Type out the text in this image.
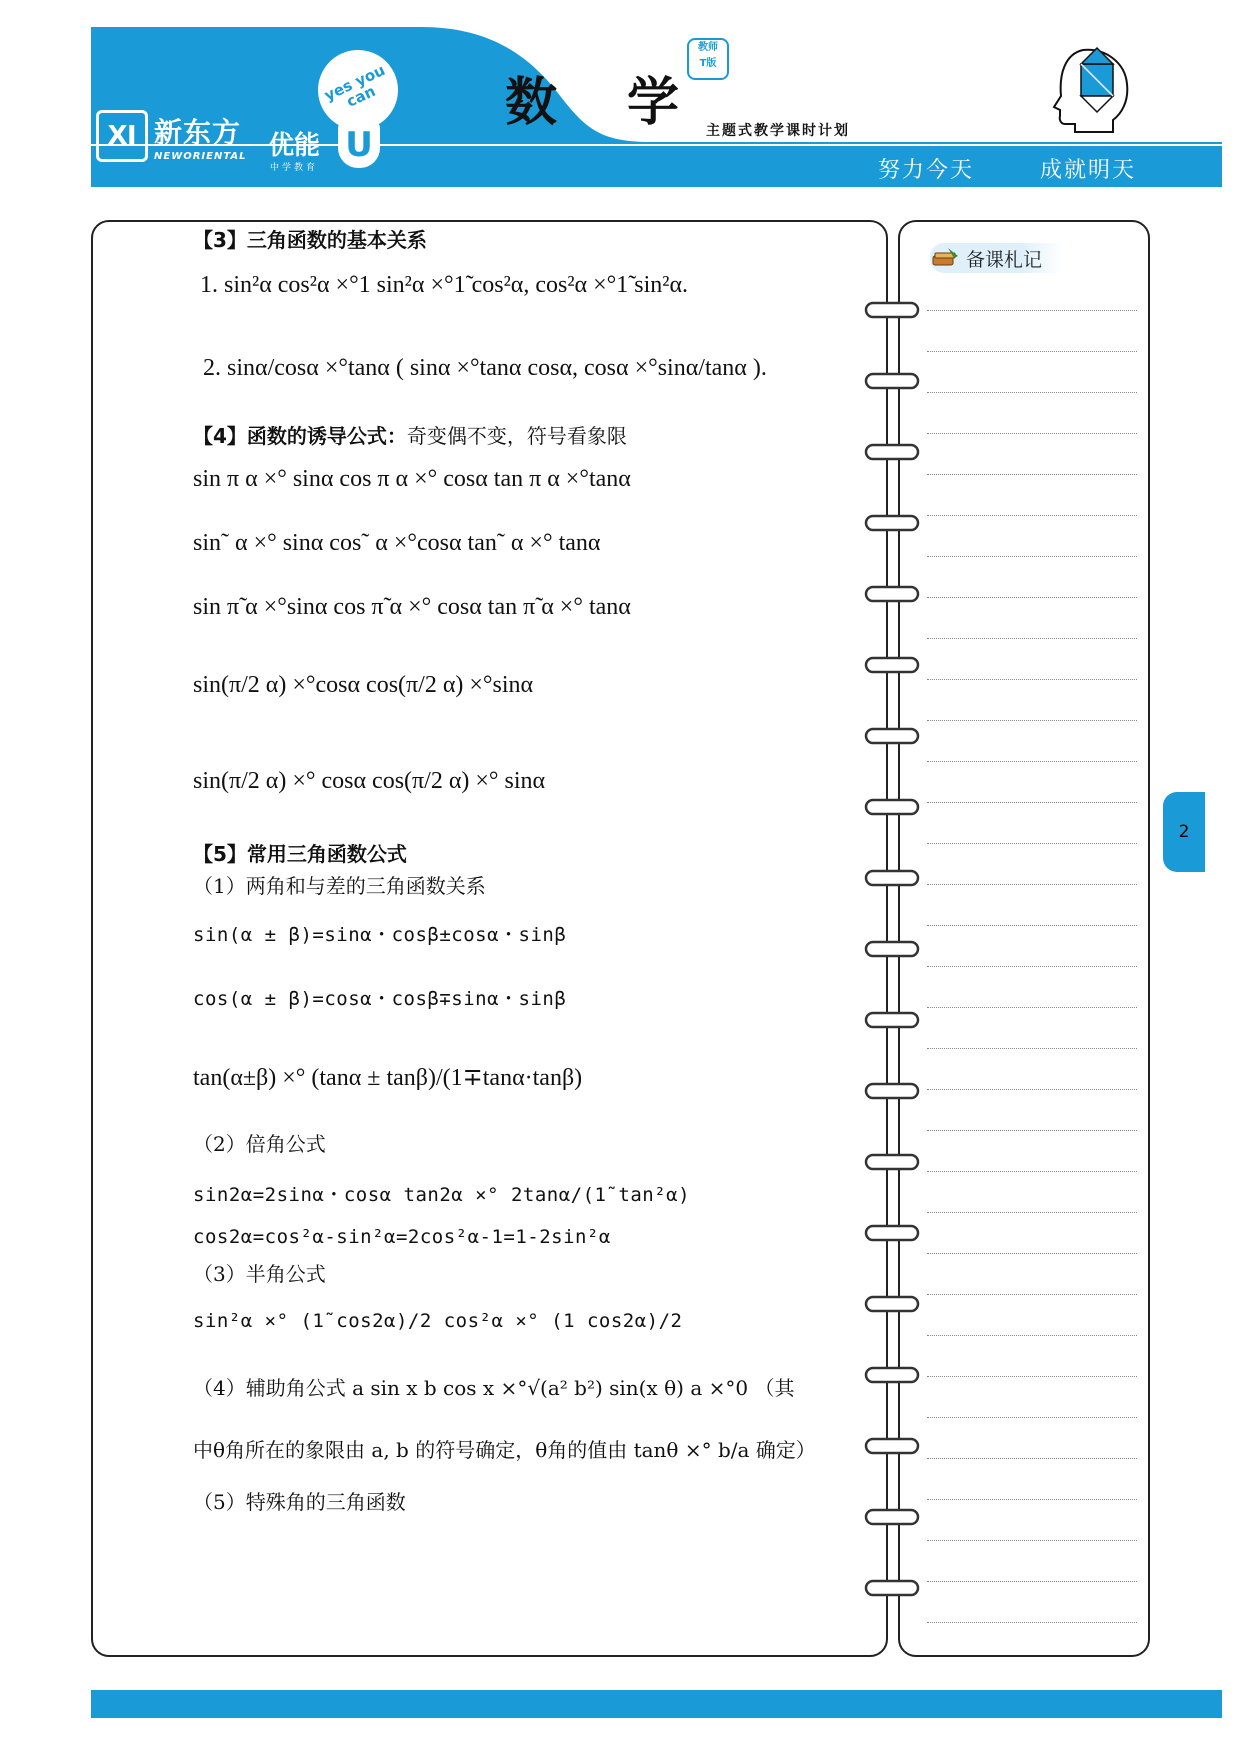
Ⅺ 新东方
NEWORIENTAL
yes you can
优能
中学教育
U
数学
教师
T版
主题式教学课时计划
努力今天	成就明天
备课札记
【3】三角函数的基本关系
1. sin²α cos²α ×°1 sin²α ×°1̃ cos²α, cos²α ×°1̃ sin²α.
2. sinα/cosα ×°tanα ( sinα ×°tanα cosα, cosα ×°sinα/tanα ).
【4】函数的诱导公式：奇变偶不变，符号看象限
sin π α ×° sinα cos π α ×° cosα tan π α ×°tanα
sin˜ α ×° sinα cos˜ α ×°cosα tan˜ α ×° tanα
sin π̃ α ×°sinα cos π̃ α ×° cosα tan π̃ α ×° tanα
sin(π/2 α) ×°cosα cos(π/2 α) ×°sinα
sin(π/2 α) ×° cosα cos(π/2 α) ×° sinα
【5】常用三角函数公式
（1）两角和与差的三角函数关系
sin(α ± β)=sinα・cosβ±cosα・sinβ
cos(α ± β)=cosα・cosβ∓sinα・sinβ
tan(α±β) ×° (tanα ± tanβ)/(1∓tanα·tanβ)
（2）倍角公式
sin2α=2sinα・cosα tan2α ×° 2tanα/(1̃ tan²α)
cos2α=cos²α-sin²α=2cos²α-1=1-2sin²α
（3）半角公式
sin²α ×° (1̃ cos2α)/2 cos²α ×° (1 cos2α)/2
（4）辅助角公式 a sin x b cos x ×°√(a² b²) sin(x θ) a ×°0 （其
中θ角所在的象限由 a, b 的符号确定，θ角的值由 tanθ ×° b/a 确定）
（5）特殊角的三角函数
2
